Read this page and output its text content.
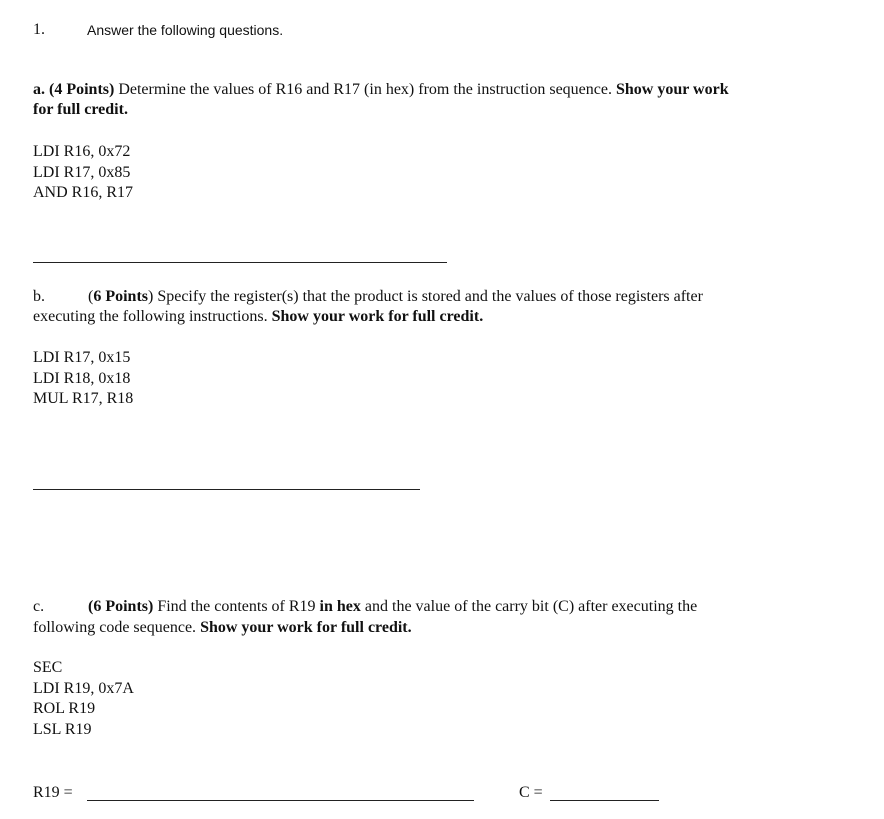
1.	Answer the following questions.
a. (4 Points) Determine the values of R16 and R17 (in hex) from the instruction sequence. Show your work
for full credit.
LDI R16, 0x72
LDI R17, 0x85
AND R16, R17
b.	(6 Points) Specify the register(s) that the product is stored and the values of those registers after
executing the following instructions. Show your work for full credit.
LDI R17, 0x15
LDI R18, 0x18
MUL R17, R18
c.	(6 Points) Find the contents of R19 in hex and the value of the carry bit (C) after executing the
following code sequence. Show your work for full credit.
SEC
LDI R19, 0x7A
ROL R19
LSL R19
R19 =	C =
